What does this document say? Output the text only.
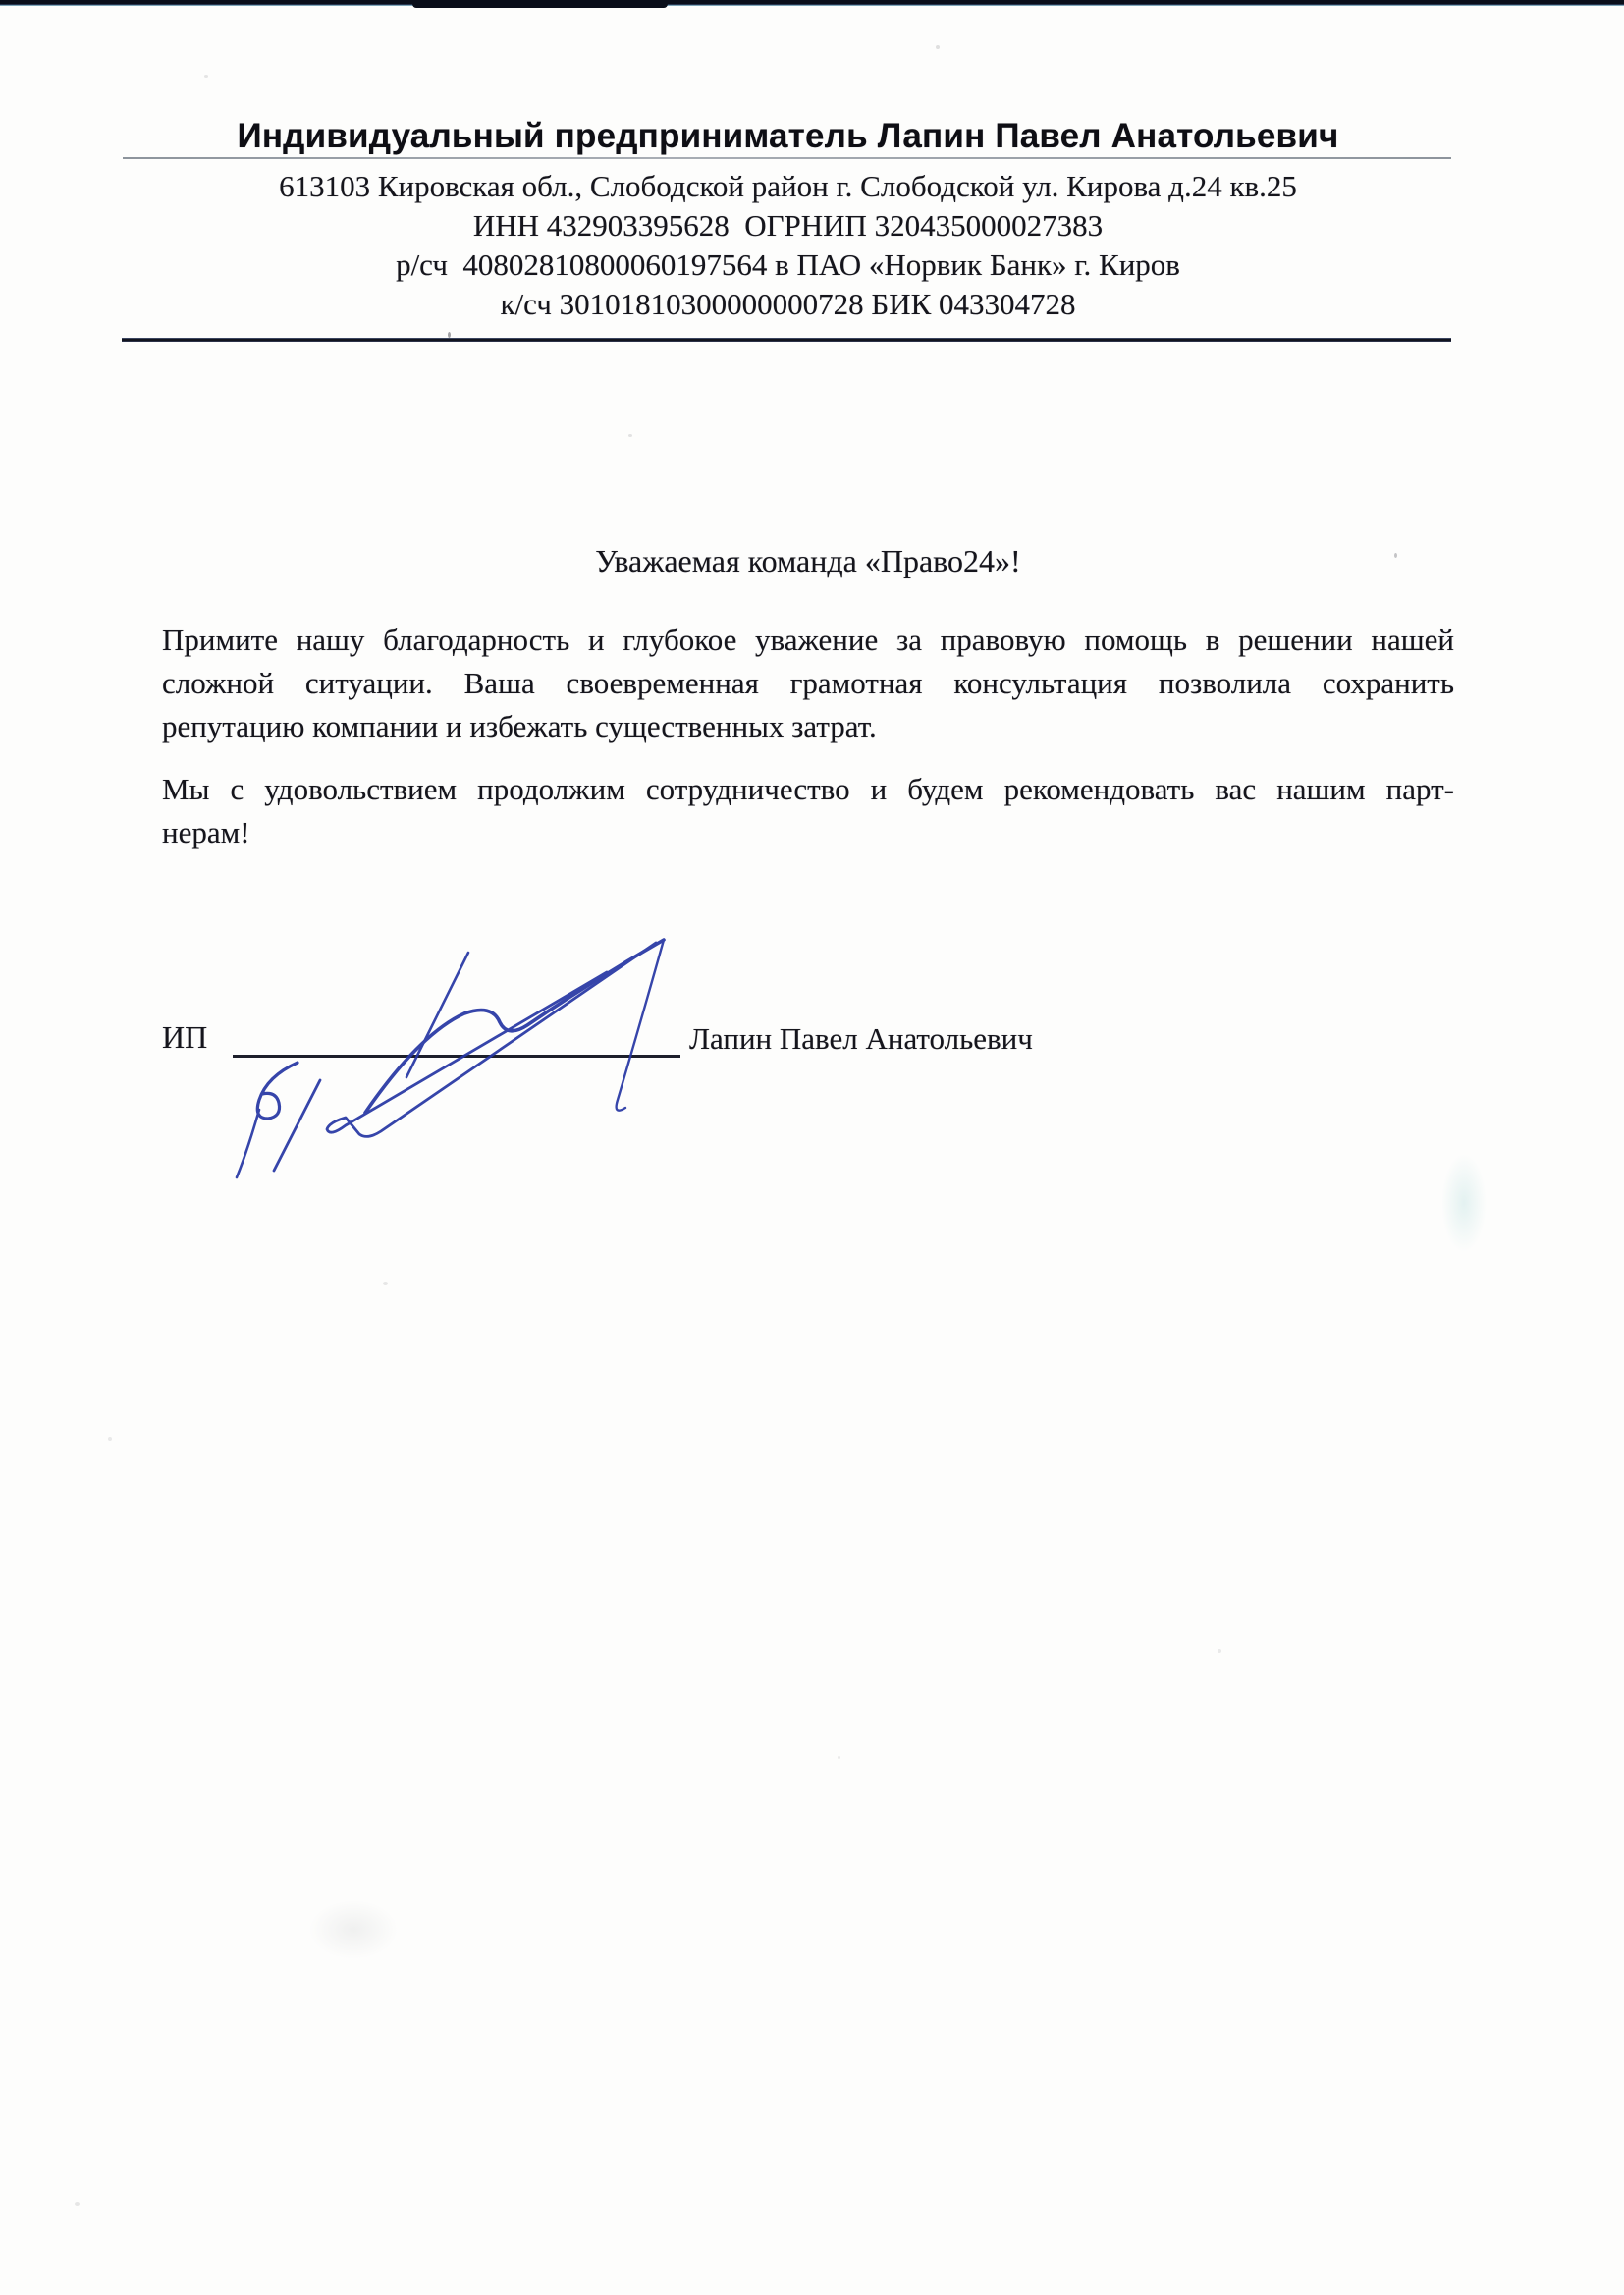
Индивидуальный предприниматель Лапин Павел Анатольевич
613103 Кировская обл., Слободской район г. Слободской ул. Кирова д.24 кв.25
ИНН 432903395628  ОГРНИП 320435000027383
р/сч  40802810800060197564 в ПАО «Норвик Банк» г. Киров
к/сч 30101810300000000728 БИК 043304728
Уважаемая команда «Право24»!
Примите нашу благодарность и глубокое уважение за правовую помощь в решении нашей
сложной ситуации. Ваша своевременная грамотная консультация позволила сохранить
репутацию компании и избежать существенных затрат.
Мы с удовольствием продолжим сотрудничество и будем рекомендовать вас нашим парт-
нерам!
ИП	Лапин Павел Анатольевич
